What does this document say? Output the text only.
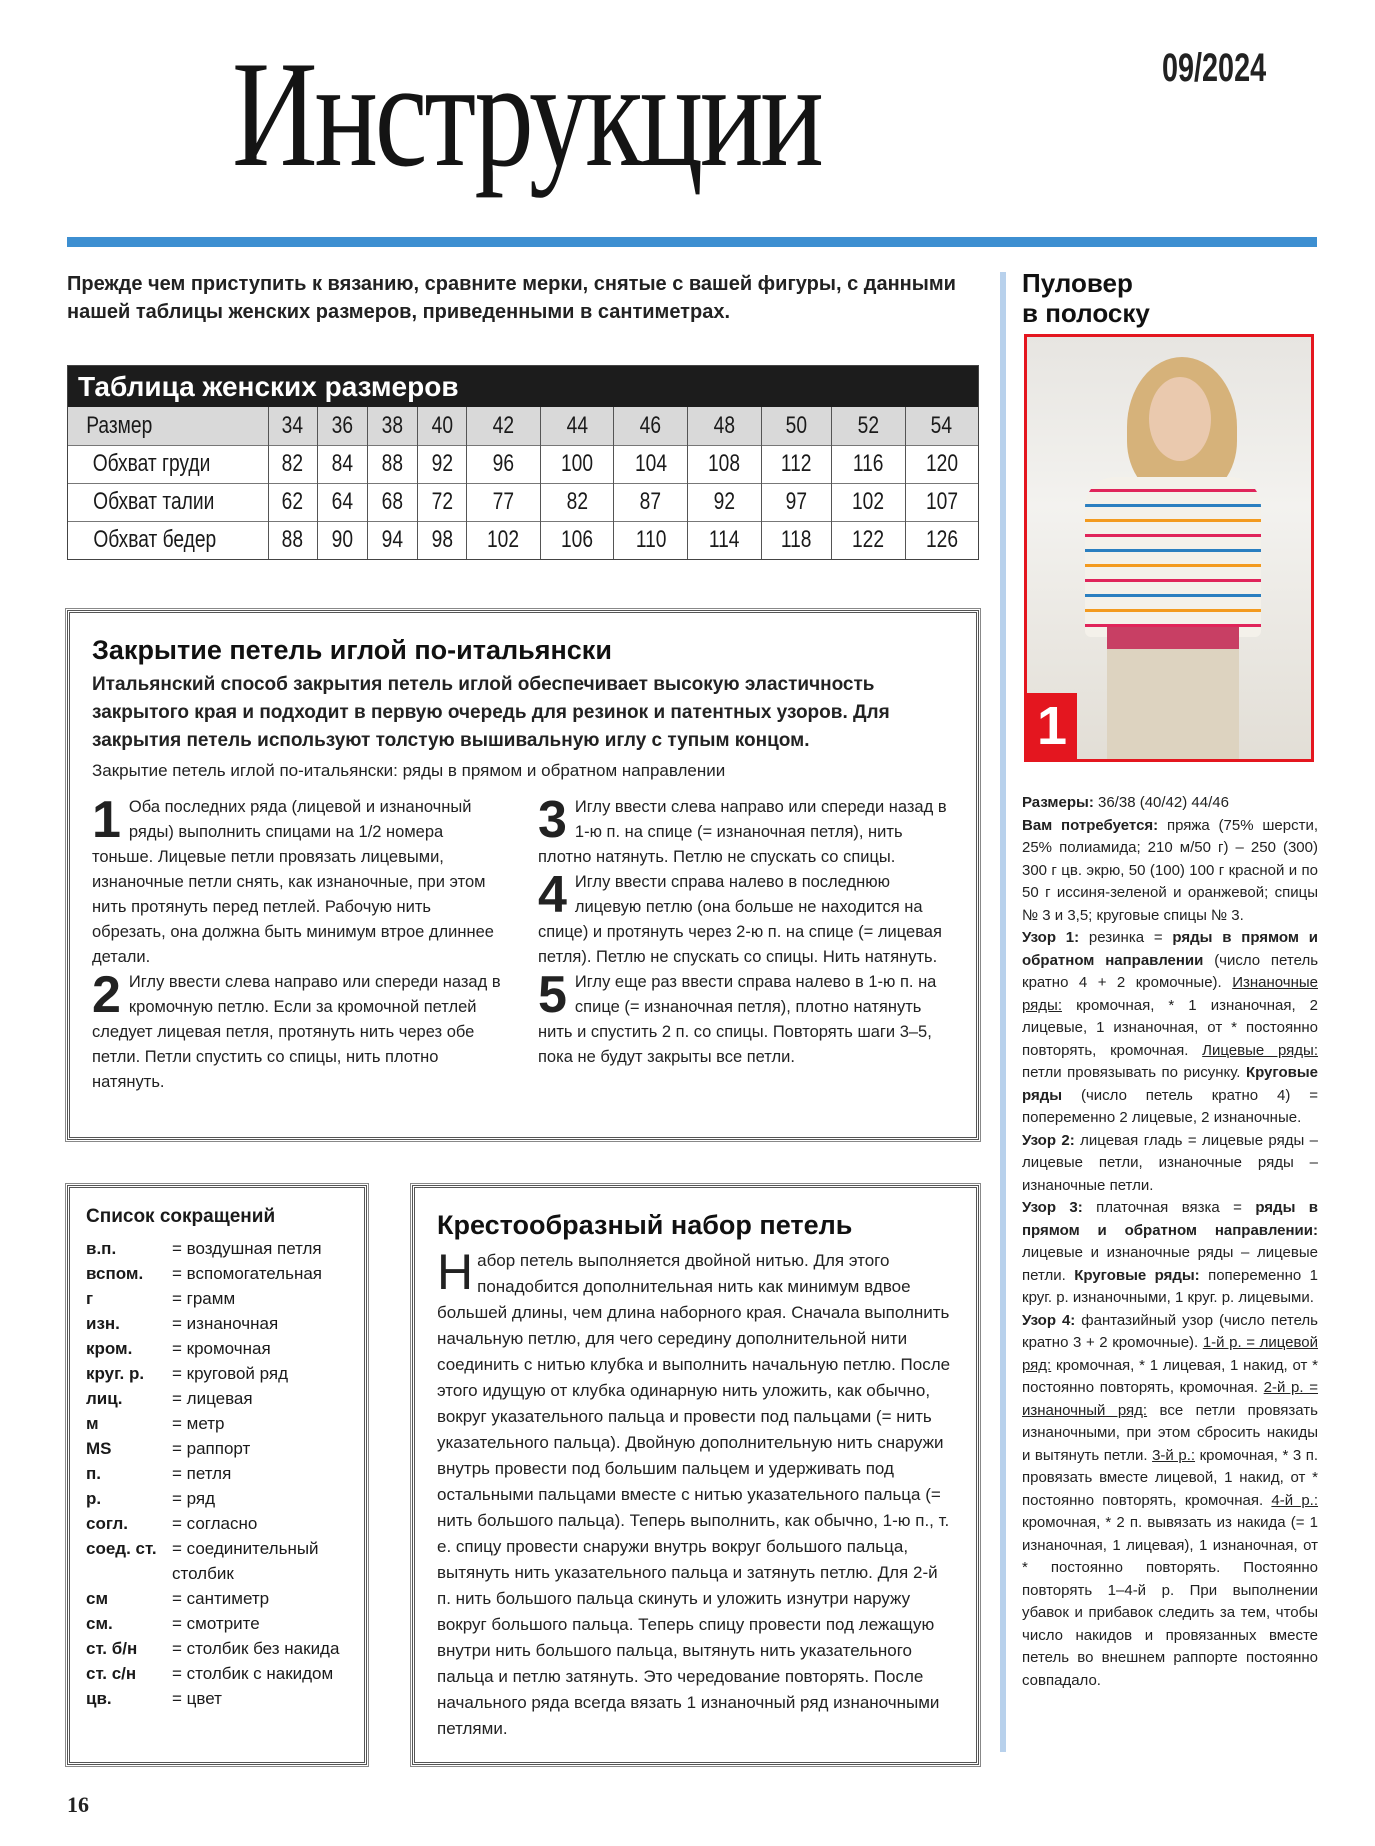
Инструкции	09/2024
Прежде чем приступить к вязанию, сравните мерки, снятые с вашей фигуры, с данными нашей таблицы женских размеров, приведенными в сантиметрах.
Таблица женских размеров
Размер	34	36	38	40	42	44	46	48	50	52	54
Обхват груди	82	84	88	92	96	100	104	108	112	116	120
Обхват талии	62	64	68	72	77	82	87	92	97	102	107
Обхват бедер	88	90	94	98	102	106	110	114	118	122	126
Закрытие петель иглой по-итальянски
Итальянский способ закрытия петель иглой обеспечивает высокую эластичность закрытого края и подходит в первую очередь для резинок и патентных узоров. Для закрытия петель используют толстую вышивальную иглу с тупым концом.
Закрытие петель иглой по-итальянски: ряды в прямом и обратном направлении
1 Оба последних ряда (лицевой и изнаночный ряды) выполнить спицами на 1/2 номера тоньше. Лицевые петли провязать лицевыми, изнаночные петли снять, как изнаночные, при этом нить протянуть перед петлей. Рабочую нить обрезать, она должна быть минимум втрое длиннее детали.
2 Иглу ввести слева направо или спереди назад в кромочную петлю. Если за кромочной петлей следует лицевая петля, протянуть нить через обе петли. Петли спустить со спицы, нить плотно натянуть.
3 Иглу ввести слева направо или спереди назад в 1-ю п. на спице (= изнаночная петля), нить плотно натянуть. Петлю не спускать со спицы.
4 Иглу ввести справа налево в последнюю лицевую петлю (она больше не находится на спице) и протянуть через 2-ю п. на спице (= лицевая петля). Петлю не спускать со спицы. Нить натянуть.
5 Иглу еще раз ввести справа налево в 1-ю п. на спице (= изнаночная петля), плотно натянуть нить и спустить 2 п. со спицы. Повторять шаги 3–5, пока не будут закрыты все петли.
Список сокращений
в.п.	= воздушная петля
вспом.	= вспомогательная
г	= грамм
изн.	= изнаночная
кром.	= кромочная
круг. р.	= круговой ряд
лиц.	= лицевая
м	= метр
MS	= раппорт
п.	= петля
р.	= ряд
согл.	= согласно
соед. ст. = соединительный столбик
см	= сантиметр
см.	= смотрите
ст. б/н	= столбик без накида
ст. с/н	= столбик с накидом
цв.	= цвет
Крестообразный набор петель

Набор петель выполняется двойной нитью. Для этого понадобится дополнительная нить как минимум вдвое большей длины, чем длина наборного края. Сначала выполнить начальную петлю, для чего середину дополнительной нити соединить с нитью клубка и выполнить начальную петлю. После этого идущую от клубка одинарную нить уложить, как обычно, вокруг указательного пальца и провести под пальцами (= нить указательного пальца). Двойную дополнительную нить снаружи внутрь провести под большим пальцем и удерживать под остальными пальцами вместе с нитью указательного пальца (= нить большого пальца). Теперь выполнить, как обычно, 1-ю п., т. е. спицу провести снаружи внутрь вокруг большого пальца, вытянуть нить указательного пальца и затянуть петлю. Для 2-й п. нить большого пальца скинуть и уложить изнутри наружу вокруг большого пальца. Теперь спицу провести под лежащую внутри нить большого пальца, вытянуть нить указательного пальца и петлю затянуть. Это чередование повторять. После начального ряда всегда вязать 1 изнаночный ряд изнаночными петлями.

Пуловер
в полоску
1
Размеры: 36/38 (40/42) 44/46
Вам потребуется: пряжа (75% шерсти, 25% полиамида; 210 м/50 г) – 250 (300) 300 г цв. экрю, 50 (100) 100 г красной и по 50 г иссиня-зеленой и оранжевой; спицы № 3 и 3,5; круговые спицы № 3.
Узор 1: резинка = ряды в прямом и обратном направлении (число петель кратно 4 + 2 кромочные). Изнаночные ряды: кромочная, * 1 изнаночная, 2 лицевые, 1 изнаночная, от * постоянно повторять, кромочная. Лицевые ряды: петли провязывать по рисунку. Круговые ряды (число петель кратно 4) = попеременно 2 лицевые, 2 изнаночные.
Узор 2: лицевая гладь = лицевые ряды – лицевые петли, изнаночные ряды – изнаночные петли.
Узор 3: платочная вязка = ряды в прямом и обратном направлении: лицевые и изнаночные ряды – лицевые петли. Круговые ряды: попеременно 1 круг. р. изнаночными, 1 круг. р. лицевыми.
Узор 4: фантазийный узор (число петель кратно 3 + 2 кромочные). 1-й р. = лицевой ряд: кромочная, * 1 лицевая, 1 накид, от * постоянно повторять, кромочная. 2-й р. = изнаночный ряд: все петли провязать изнаночными, при этом сбросить накиды и вытянуть петли. 3-й р.: кромочная, * 3 п. провязать вместе лицевой, 1 накид, от * постоянно повторять, кромочная. 4-й р.: кромочная, * 2 п. вывязать из накида (= 1 изнаночная, 1 лицевая), 1 изнаночная, от * постоянно повторять. Постоянно повторять 1–4-й р. При выполнении убавок и прибавок следить за тем, чтобы число накидов и провязанных вместе петель во внешнем раппорте постоянно совпадало.
16
